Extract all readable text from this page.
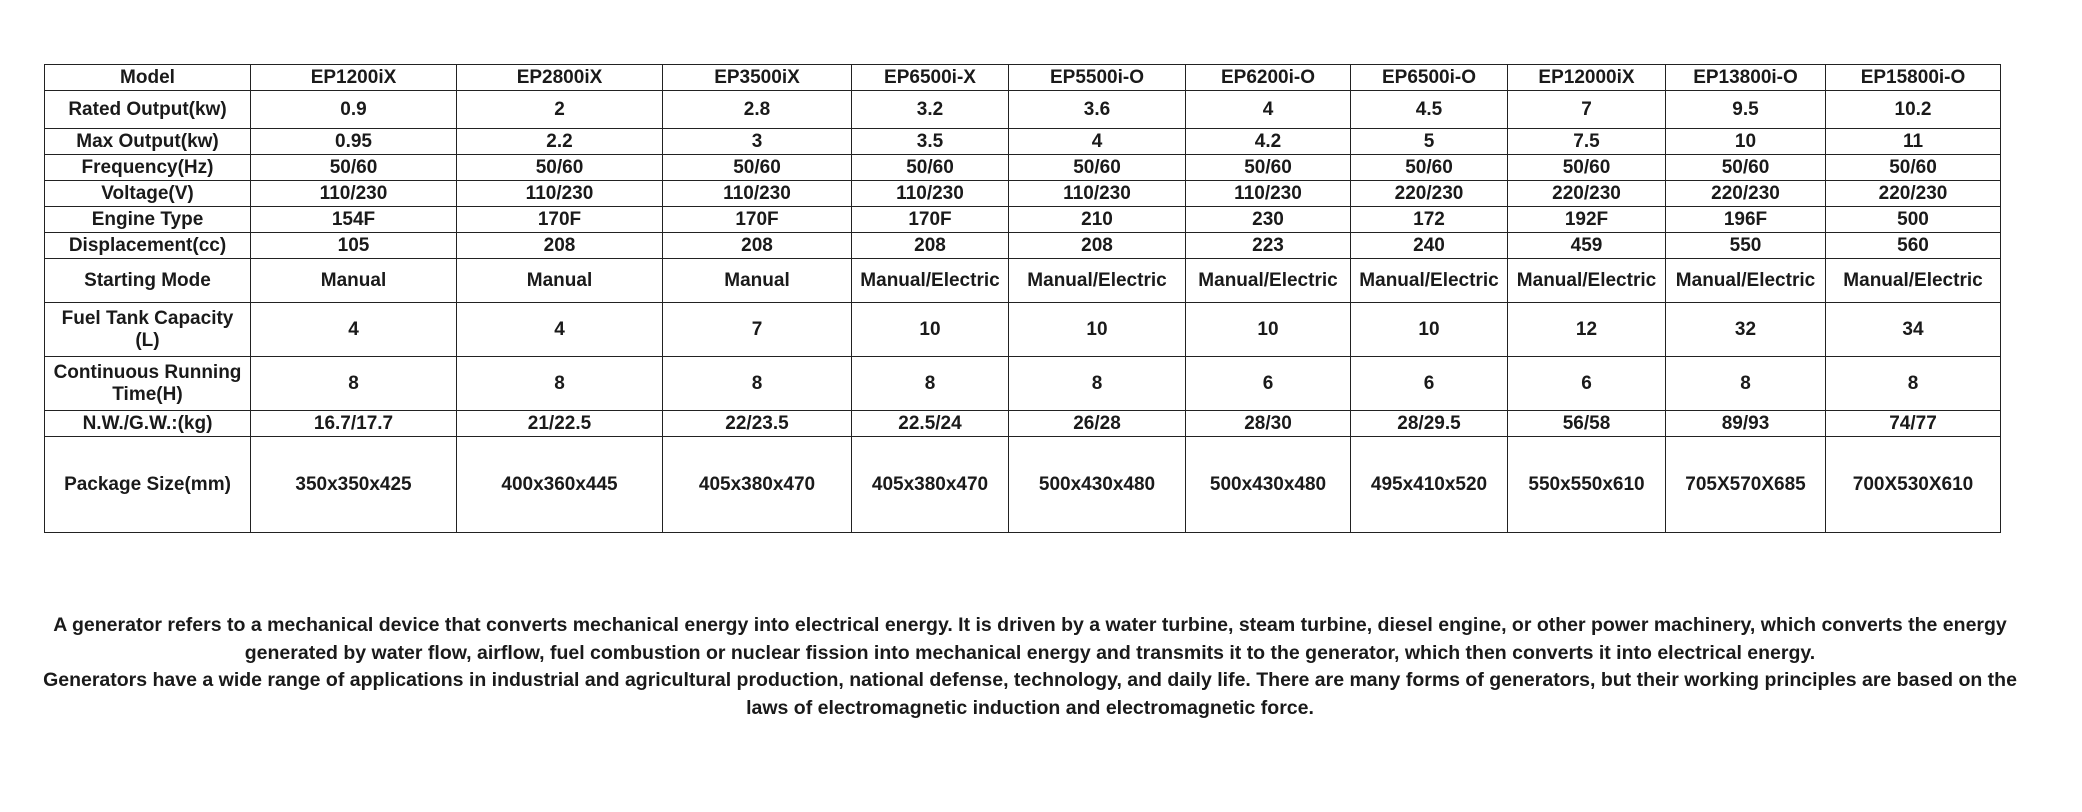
Model	EP1200iX	EP2800iX	EP3500iX	EP6500i-X	EP5500i-O	EP6200i-O	EP6500i-O	EP12000iX	EP13800i-O	EP15800i-O
Rated Output(kw)	0.9	2	2.8	3.2	3.6	4	4.5	7	9.5	10.2
Max Output(kw)	0.95	2.2	3	3.5	4	4.2	5	7.5	10	11
Frequency(Hz)	50/60	50/60	50/60	50/60	50/60	50/60	50/60	50/60	50/60	50/60
Voltage(V)	110/230	110/230	110/230	110/230	110/230	110/230	220/230	220/230	220/230	220/230
Engine Type	154F	170F	170F	170F	210	230	172	192F	196F	500
Displacement(cc)	105	208	208	208	208	223	240	459	550	560
Starting Mode	Manual	Manual	Manual	Manual/Electric	Manual/Electric	Manual/Electric	Manual/Electric	Manual/Electric	Manual/Electric	Manual/Electric
Fuel Tank Capacity (L)	4	4	7	10	10	10	10	12	32	34
Continuous Running Time(H)	8	8	8	8	8	6	6	6	8	8
N.W./G.W.:(kg)	16.7/17.7	21/22.5	22/23.5	22.5/24	26/28	28/30	28/29.5	56/58	89/93	74/77
Package Size(mm)	350x350x425	400x360x445	405x380x470	405x380x470	500x430x480	500x430x480	495x410x520	550x550x610	705X570X685	700X530X610

A generator refers to a mechanical device that converts mechanical energy into electrical energy. It is driven by a water turbine, steam turbine, diesel engine, or other power machinery, which converts the energy generated by water flow, airflow, fuel combustion or nuclear fission into mechanical energy and transmits it to the generator, which then converts it into electrical energy.

Generators have a wide range of applications in industrial and agricultural production, national defense, technology, and daily life. There are many forms of generators, but their working principles are based on the laws of electromagnetic induction and electromagnetic force.
